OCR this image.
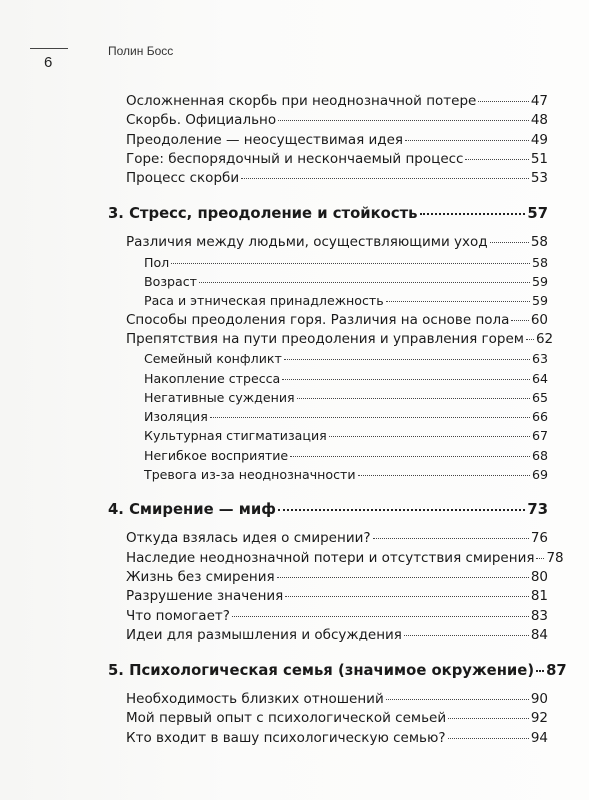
6
Полин Босс
Осложненная скорбь при неоднозначной потере	47
Скорбь. Официально	48
Преодоление — неосуществимая идея	49
Горе: беспорядочный и нескончаемый процесс	51
Процесс скорби	53
3. Стресс, преодоление и стойкость	57
Различия между людьми, осуществляющими уход	58
Пол	58
Возраст	59
Раса и этническая принадлежность	59
Способы преодоления горя. Различия на основе пола 60
Препятствия на пути преодоления и управления горем 62
Семейный конфликт	63
Накопление стресса	64
Негативные суждения	65
Изоляция	66
Культурная стигматизация	67
Негибкое восприятие	68
Тревога из-за неоднозначности	69
4. Смирение — миф	73
Откуда взялась идея о смирении?	76
Наследие неоднозначной потери и отсутствия смирения 78
Жизнь без смирения	80
Разрушение значения	81
Что помогает?	83
Идеи для размышления и обсуждения	84
5. Психологическая семья (значимое окружение) 87
Необходимость близких отношений	90
Мой первый опыт с психологической семьей	92
Кто входит в вашу психологическую семью?	94
